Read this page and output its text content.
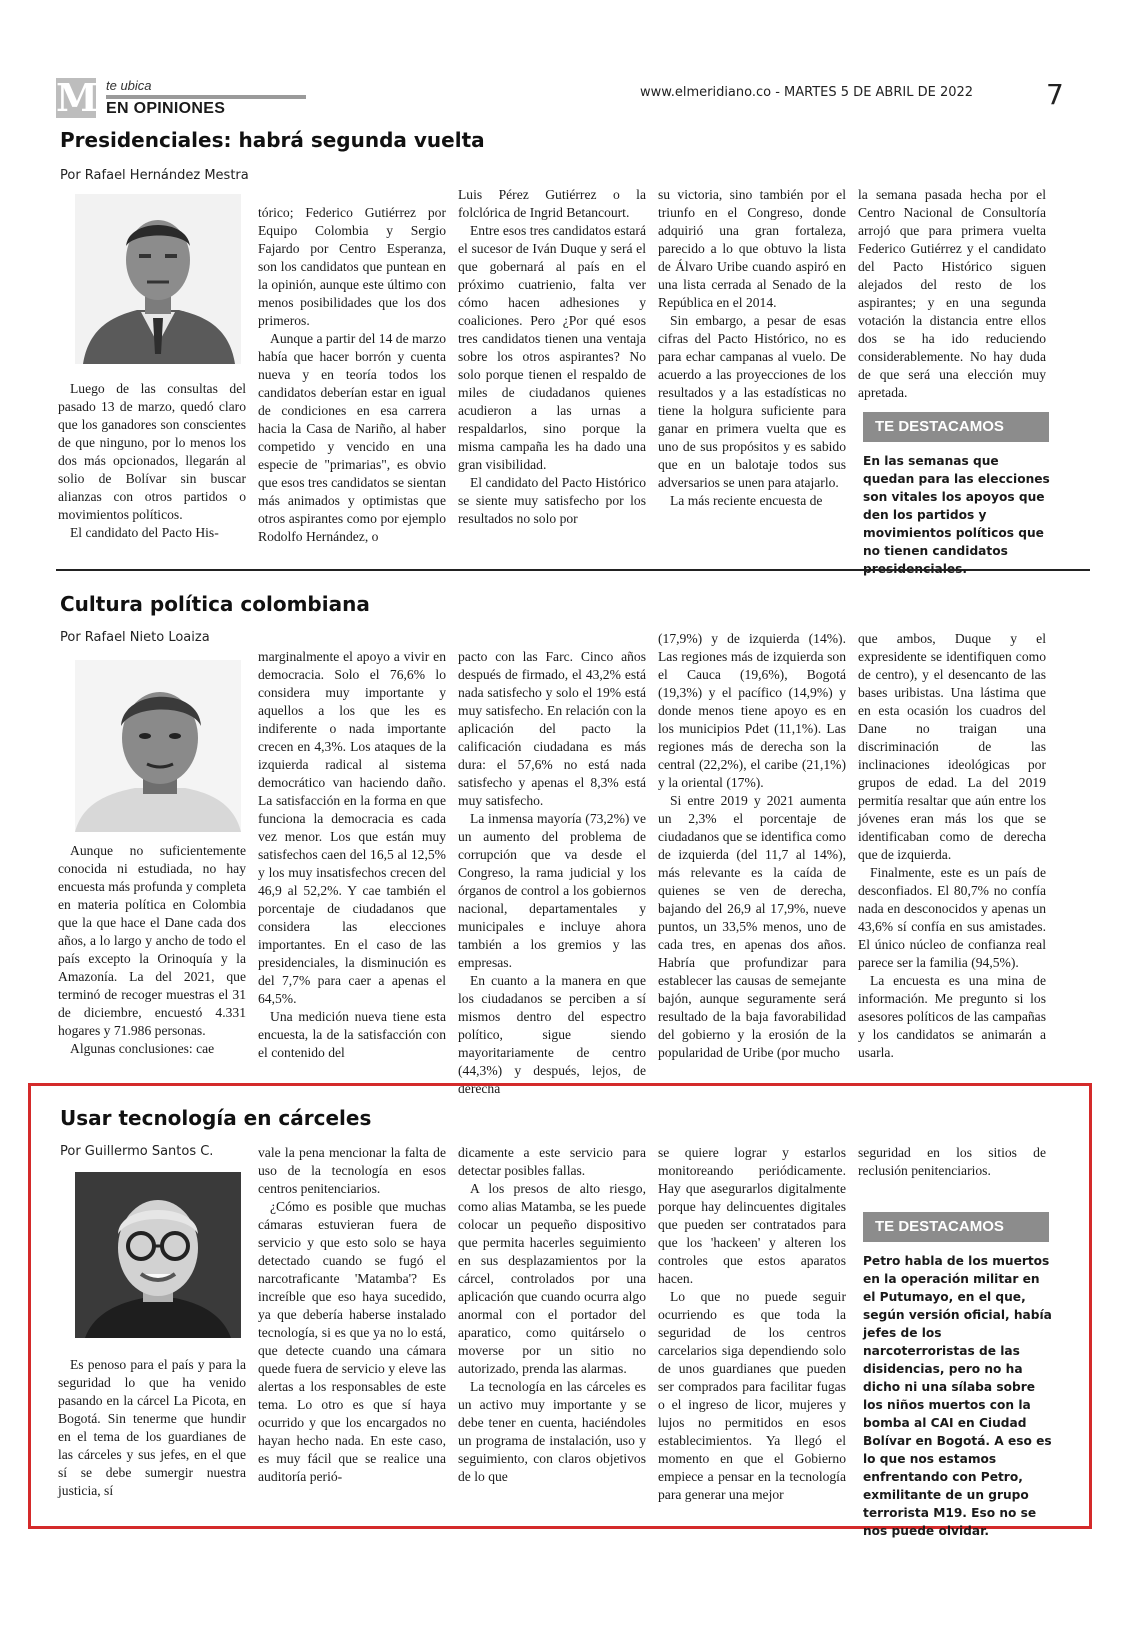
M te ubica
EN OPINIONES
www.elmeridiano.co - MARTES 5 DE ABRIL DE 2022	7
Presidenciales: habrá segunda vuelta
Por Rafael Hernández Mestra

Luego de las consultas del pasado 13 de marzo, quedó claro que los ganadores son conscientes de que ninguno, por lo menos los dos más opcionados, llegarán al solio de Bolívar sin buscar alianzas con otros partidos o movimientos políticos.

El candidato del Pacto His-

tórico; Federico Gutiérrez por Equipo Colombia y Sergio Fajardo por Centro Esperanza, son los candidatos que puntean en la opinión, aunque este último con menos posibilidades que los dos primeros.

Aunque a partir del 14 de marzo había que hacer borrón y cuenta nueva y en teoría todos los candidatos deberían estar en igual de condiciones en esa carrera hacia la Casa de Nariño, al haber competido y vencido en una especie de "primarias", es obvio que esos tres candidatos se sientan más animados y optimistas que otros aspirantes como por ejemplo Rodolfo Hernández, o

Luis Pérez Gutiérrez o la folclórica de Ingrid Betancourt.

Entre esos tres candidatos estará el sucesor de Iván Duque y será el que gobernará al país en el próximo cuatrienio, falta ver cómo hacen adhesiones y coaliciones. Pero ¿Por qué esos tres candidatos tienen una ventaja sobre los otros aspirantes? No solo porque tienen el respaldo de miles de ciudadanos quienes acudieron a las urnas a respaldarlos, sino porque la misma campaña les ha dado una gran visibilidad.

El candidato del Pacto Histórico se siente muy satisfecho por los resultados no solo por

su victoria, sino también por el triunfo en el Congreso, donde adquirió una gran fortaleza, parecido a lo que obtuvo la lista de Álvaro Uribe cuando aspiró en una lista cerrada al Senado de la República en el 2014.

Sin embargo, a pesar de esas cifras del Pacto Histórico, no es para echar campanas al vuelo. De acuerdo a las proyecciones de los resultados y a las estadísticas no tiene la holgura suficiente para ganar en primera vuelta que es uno de sus propósitos y es sabido que en un balotaje todos sus adversarios se unen para atajarlo.

La más reciente encuesta de

la semana pasada hecha por el Centro Nacional de Consultoría arrojó que para primera vuelta Federico Gutiérrez y el candidato del Pacto Histórico siguen alejados del resto de los aspirantes; y en una segunda votación la distancia entre ellos dos se ha ido reduciendo considerablemente. No hay duda de que será una elección muy apretada.

TE DESTACAMOS
En las semanas que quedan para las elecciones son vitales los apoyos que den los partidos y movimientos políticos que no tienen candidatos
Cultura política colombiana
Por Rafael Nieto Loaiza

Aunque no suficientemente conocida ni estudiada, no hay encuesta más profunda y completa en materia política en Colombia que la que hace el Dane cada dos años, a lo largo y ancho de todo el país excepto la Orinoquía y la Amazonía. La del 2021, que terminó de recoger muestras el 31 de diciembre, encuestó 4.331 hogares y 71.986 personas.

Algunas conclusiones: cae

marginalmente el apoyo a vivir en democracia. Solo el 76,6% lo considera muy importante y aquellos a los que les es indiferente o nada importante crecen en 4,3%. Los ataques de la izquierda radical al sistema democrático van haciendo daño. La satisfacción en la forma en que funciona la democracia es cada vez menor. Los que están muy satisfechos caen del 16,5 al 12,5% y los muy insatisfechos crecen del 46,9 al 52,2%. Y cae también el porcentaje de ciudadanos que considera las elecciones importantes. En el caso de las presidenciales, la disminución es del 7,7% para caer a apenas el 64,5%.

Una medición nueva tiene esta encuesta, la de la satisfacción con el contenido del

pacto con las Farc. Cinco años después de firmado, el 43,2% está nada satisfecho y solo el 19% está muy satisfecho. En relación con la aplicación del pacto la calificación ciudadana es más dura: el 57,6% no está nada satisfecho y apenas el 8,3% está muy satisfecho.

La inmensa mayoría (73,2%) ve un aumento del problema de corrupción que va desde el Congreso, la rama judicial y los órganos de control a los gobiernos nacional, departamentales y municipales e incluye ahora también a los gremios y las empresas.

En cuanto a la manera en que los ciudadanos se perciben a sí mismos dentro del espectro político, sigue siendo mayoritariamente de centro (44,3%) y después, lejos, de derecha

(17,9%) y de izquierda (14%). Las regiones más de izquierda son el Cauca (19,6%), Bogotá (19,3%) y el pacífico (14,9%) y donde menos tiene apoyo es en los municipios Pdet (11,1%). Las regiones más de derecha son la central (22,2%), el caribe (21,1%) y la oriental (17%).

Si entre 2019 y 2021 aumenta un 2,3% el porcentaje de ciudadanos que se identifica como de izquierda (del 11,7 al 14%), más relevante es la caída de quienes se ven de derecha, bajando del 26,9 al 17,9%, nueve puntos, un 33,5% menos, uno de cada tres, en apenas dos años. Habría que profundizar para establecer las causas de semejante bajón, aunque seguramente será resultado de la baja favorabilidad del gobierno y la erosión de la popularidad de Uribe (por mucho

que ambos, Duque y el expresidente se identifiquen como de centro), y el desencanto de las bases uribistas. Una lástima que en esta ocasión los cuadros del Dane no traigan una discriminación de las inclinaciones ideológicas por grupos de edad. La del 2019 permitía resaltar que aún entre los jóvenes eran más los que se identificaban como de derecha que de izquierda.

Finalmente, este es un país de desconfiados. El 80,7% no confía nada en desconocidos y apenas un 43,6% sí confía en sus amistades. El único núcleo de confianza real parece ser la familia (94,5%).

La encuesta es una mina de información. Me pregunto si los asesores políticos de las campañas y los candidatos se animarán a usarla.

Usar tecnología en cárceles
Por Guillermo Santos C.

Es penoso para el país y para la seguridad lo que ha venido pasando en la cárcel La Picota, en Bogotá. Sin tenerme que hundir en el tema de los guardianes de las cárceles y sus jefes, en el que sí se debe sumergir nuestra justicia, sí

vale la pena mencionar la falta de uso de la tecnología en esos centros penitenciarios.

¿Cómo es posible que muchas cámaras estuvieran fuera de servicio y que esto solo se haya detectado cuando se fugó el narcotraficante 'Matamba'? Es increíble que eso haya sucedido, ya que debería haberse instalado tecnología, si es que ya no lo está, que detecte cuando una cámara quede fuera de servicio y eleve las alertas a los responsables de este tema. Lo otro es que sí haya ocurrido y que los encargados no hayan hecho nada. En este caso, es muy fácil que se realice una auditoría perió-

dicamente a este servicio para detectar posibles fallas.

A los presos de alto riesgo, como alias Matamba, se les puede colocar un pequeño dispositivo que permita hacerles seguimiento en sus desplazamientos por la cárcel, controlados por una aplicación que cuando ocurra algo anormal con el portador del aparatico, como quitárselo o moverse por un sitio no autorizado, prenda las alarmas.

La tecnología en las cárceles es un activo muy importante y se debe tener en cuenta, haciéndoles un programa de instalación, uso y seguimiento, con claros objetivos de lo que

se quiere lograr y estarlos monitoreando periódicamente. Hay que asegurarlos digitalmente porque hay delincuentes digitales que pueden ser contratados para que los 'hackeen' y alteren los controles que estos aparatos hacen.

Lo que no puede seguir ocurriendo es que toda la seguridad de los centros carcelarios siga dependiendo solo de unos guardianes que pueden ser comprados para facilitar fugas o el ingreso de licor, mujeres y lujos no permitidos en esos establecimientos. Ya llegó el momento en que el Gobierno empiece a pensar en la tecnología para generar una mejor

seguridad en los sitios de reclusión penitenciarios.

TE DESTACAMOS
Petro habla de los muertos en la operación militar en el Putumayo, en el que, según versión oficial, había jefes de los narcoterroristas de las disidencias, pero no ha dicho ni una sílaba sobre los niños muertos con la bomba al CAI en Ciudad Bolívar en Bogotá. A eso es lo que nos estamos enfrentando con Petro, exmilitante de un grupo terrorista M19. Eso no se nos puede olvidar.
